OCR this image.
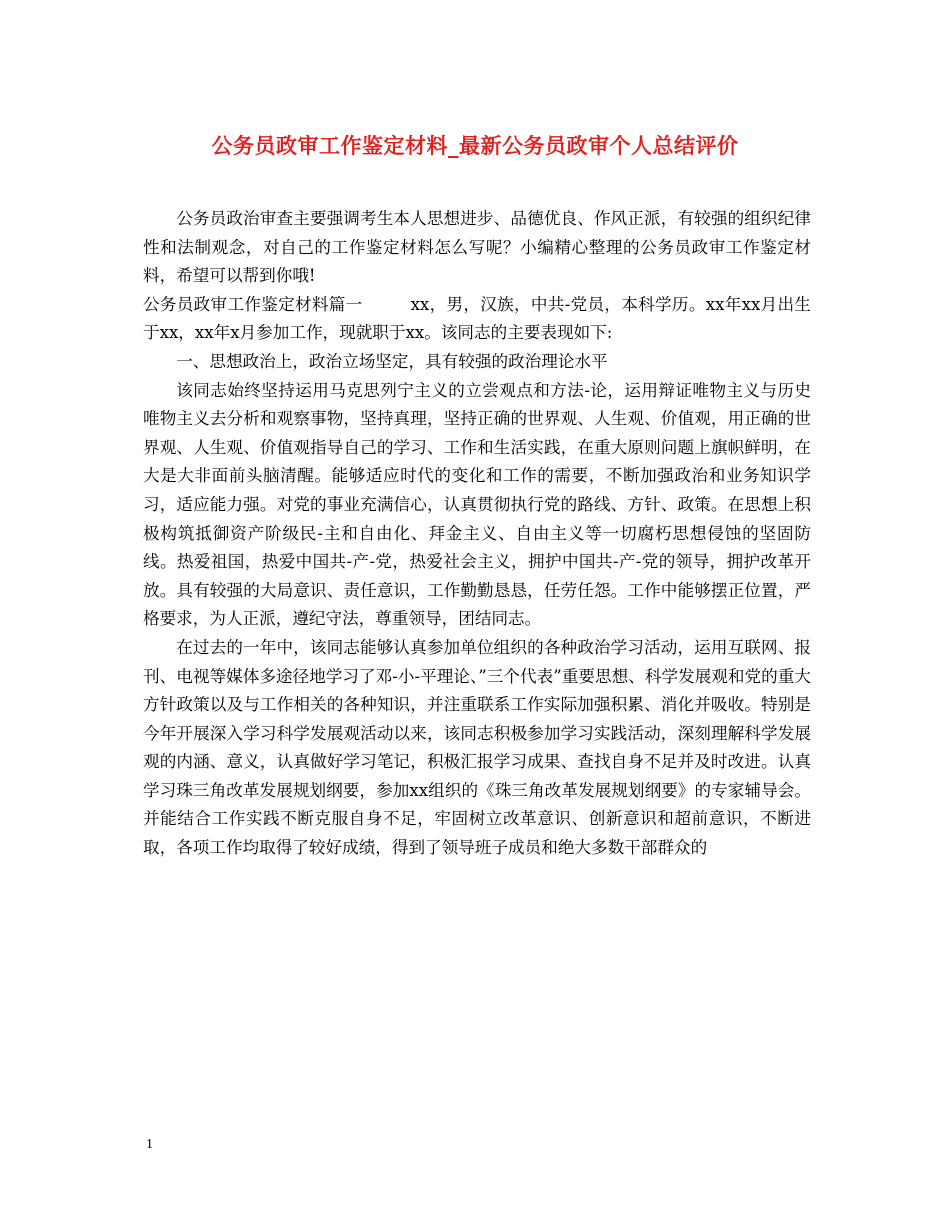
公务员政审工作鉴定材料_最新公务员政审个人总结评价

公务员政治审查主要强调考生本人思想进步、品德优良、作风正派，有较强的组织纪律性和法制观念，对自己的工作鉴定材料怎么写呢？小编精心整理的公务员政审工作鉴定材料，希望可以帮到你哦!

公务员政审工作鉴定材料篇一	xx，男，汉族，中共-党员，本科学历。xx年xx月出生于xx，xx年x月参加工作，现就职于xx。该同志的主要表现如下:

一、思想政治上，政治立场坚定，具有较强的政治理论水平

该同志始终坚持运用马克思列宁主义的立尝观点和方法-论，运用辩证唯物主义与历史唯物主义去分析和观察事物，坚持真理，坚持正确的世界观、人生观、价值观，用正确的世界观、人生观、价值观指导自己的学习、工作和生活实践，在重大原则问题上旗帜鲜明，在大是大非面前头脑清醒。能够适应时代的变化和工作的需要，不断加强政治和业务知识学习，适应能力强。对党的事业充满信心，认真贯彻执行党的路线、方针、政策。在思想上积极构筑抵御资产阶级民-主和自由化、拜金主义、自由主义等一切腐朽思想侵蚀的坚固防线。热爱祖国，热爱中国共-产-党，热爱社会主义，拥护中国共-产-党的领导，拥护改革开放。具有较强的大局意识、责任意识，工作勤勤恳恳，任劳任怨。工作中能够摆正位置，严格要求，为人正派，遵纪守法，尊重领导，团结同志。

在过去的一年中，该同志能够认真参加单位组织的各种政治学习活动，运用互联网、报刊、电视等媒体多途径地学习了邓-小-平理论、”三个代表”重要思想、科学发展观和党的重大方针政策以及与工作相关的各种知识，并注重联系工作实际加强积累、消化并吸收。特别是今年开展深入学习科学发展观活动以来，该同志积极参加学习实践活动，深刻理解科学发展观的内涵、意义，认真做好学习笔记，积极汇报学习成果、查找自身不足并及时改进。认真学习珠三角改革发展规划纲要，参加xx组织的《珠三角改革发展规划纲要》的专家辅导会。并能结合工作实践不断克服自身不足，牢固树立改革意识、创新意识和超前意识，不断进取，各项工作均取得了较好成绩，得到了领导班子成员和绝大多数干部群众的

1
